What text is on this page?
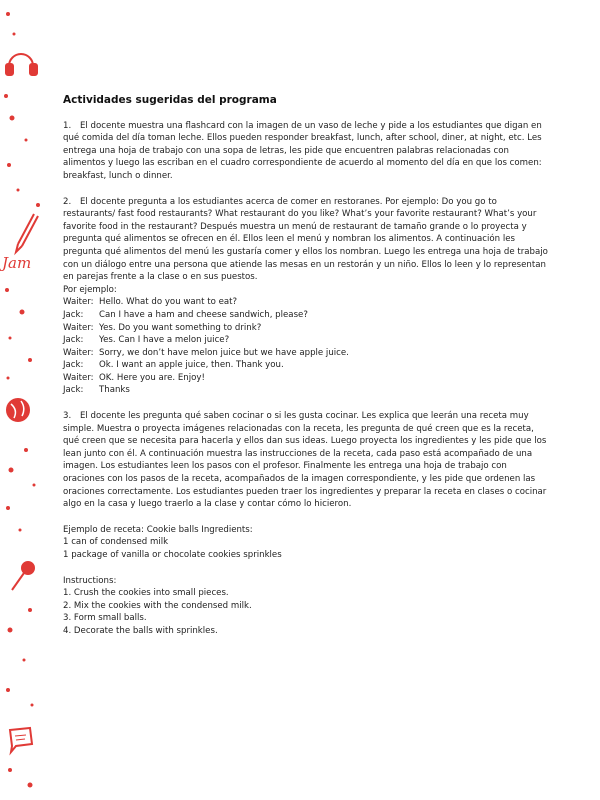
Jam
Actividades sugeridas del programa

1. El docente muestra una flashcard con la imagen de un vaso de leche y pide a los estudiantes que digan en qué comida del día toman leche. Ellos pueden responder breakfast, lunch, after school, diner, at night, etc. Les entrega una hoja de trabajo con una sopa de letras, les pide que encuentren palabras relacionadas con alimentos y luego las escriban en el cuadro correspondiente de acuerdo al momento del día en que los comen: breakfast, lunch o dinner.

2. El docente pregunta a los estudiantes acerca de comer en restoranes. Por ejemplo: Do you go to restaurants/ fast food restaurants? What restaurant do you like? What’s your favorite restaurant? What’s your favorite food in the restaurant? Después muestra un menú de restaurant de tamaño grande o lo proyecta y pregunta qué alimentos se ofrecen en él. Ellos leen el menú y nombran los alimentos. A continuación les pregunta qué alimentos del menú les gustaría comer y ellos los nombran. Luego les entrega una hoja de trabajo con un diálogo entre una persona que atiende las mesas en un restorán y un niño. Ellos lo leen y lo representan en parejas frente a la clase o en sus puestos.
Por ejemplo:
Waiter: Hello. What do you want to eat?
Jack:	Can I have a ham and cheese sandwich, please?
Waiter: Yes. Do you want something to drink?
Jack:	Yes. Can I have a melon juice?
Waiter: Sorry, we don’t have melon juice but we have apple juice.
Jack:	Ok. I want an apple juice, then. Thank you.
Waiter: OK. Here you are. Enjoy!
Jack:	Thanks

3. El docente les pregunta qué saben cocinar o si les gusta cocinar. Les explica que leerán una receta muy simple. Muestra o proyecta imágenes relacionadas con la receta, les pregunta de qué creen que es la receta, qué creen que se necesita para hacerla y ellos dan sus ideas. Luego proyecta los ingredientes y les pide que los lean junto con él. A continuación muestra las instrucciones de la receta, cada paso está acompañado de una imagen. Los estudiantes leen los pasos con el profesor. Finalmente les entrega una hoja de trabajo con oraciones con los pasos de la receta, acompañados de la imagen correspondiente, y les pide que ordenen las oraciones correctamente. Los estudiantes pueden traer los ingredientes y preparar la receta en clases o cocinar algo en la casa y luego traerlo a la clase y contar cómo lo hicieron.

Ejemplo de receta: Cookie balls Ingredients:
1 can of condensed milk
1 package of vanilla or chocolate cookies sprinkles
Instructions:
1. Crush the cookies into small pieces.
2. Mix the cookies with the condensed milk.
3. Form small balls.
4. Decorate the balls with sprinkles.
